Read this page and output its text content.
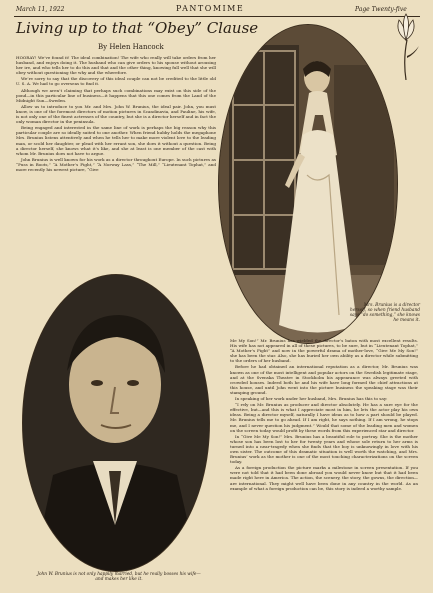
March 11, 1922	PANTOMIME	Page Twenty-five
Living up to that “Obey” Clause
By Helen Hancock

HOORAY! We’ve found it! The ideal combination! The wife who really will take orders from her husband, and enjoys doing it. The husband who can give orders to his spouse without arousing her ire, and who tells her to do this and that and the other thing, knowing full well that she will obey without questioning the why and the wherefore.

We’re sorry to say that the discovery of this ideal couple can not be credited to the little old U. S. A. We had to go overseas to find it.

Although we aren’t claiming that perhaps such combinations may exist on this side of the pond—in this particular line of business—it happens that this one comes from the Land of the Midnight Sun—Sweden.

Allow us to introduce to you Mr. and Mrs. John W. Brunius, the ideal pair. John, you must know, is one of the foremost directors of motion pictures in Scandinavia, and Pauline, his wife, is not only one of the finest actresses of the country, but she is a director herself and in fact the only woman director in the peninsula.

Being engaged and interested in the same line of work is perhaps the big reason why this particular couple are so ideally suited to one another. When friend hubby holds the megaphone Mrs. Brunius listens attentively and when he tells her to make more violent love to the leading man, or scold her daughter, or plead with her errant son, she does it without a question. Being a director herself, she knows what it’s like, and she at least is one member of the cast with whom Mr. Brunius does not have to argue.

John Brunius is well known for his work as a director throughout Europe. In such pictures as “Puss in Boots,” “A Mother’s Fight,” “A Norway Lass,” “The Mill,” “Lieutenant Tophat,” and more recently his newest picture, “Give

Mrs. Brunius is a director herself, so when friend husband says “do something,” she knows he means it.
John W. Brunius is not only happily married, but he really bosses his wife—and makes her like it.

Me My Son!” Mr. Brunius has wielded the director’s baton with most excellent results. His wife has not appeared in all of these pictures, to be sure, but in “Lieutenant Tophat,” “A Mother’s Fight” and now in the powerful drama of mother-love, “Give Me My Son!” she has been the star. Also, she has buried her own ability as a director while submitting to the orders of her husband.

Before he had obtained an international reputation as a director, Mr. Brunius was known as one of the most intelligent and popular actors on the Swedish legitimate stage, and at the Svenska Theatre in Stockholm his appearance was always greeted with crowded houses. Indeed both he and his wife have long formed the chief attractions at this house, and until John went into the picture business the speaking stage was their stamping ground.

In speaking of her work under her husband, Mrs. Brunius has this to say:

“I rely on Mr. Brunius as producer and director absolutely. He has a sure eye for the effective, but—and this is what I appreciate most in him, he lets the actor play his own ideas. Being a director myself, naturally I have ideas as to how a part should be played. Mr. Brunius tells me to go ahead. If I am right, he says nothing. If I am wrong, he stops me, and I never question his judgment.” Would that some of the leading men and women on the screen today would profit by these words from this experienced star and director.

In “Give Me My Son!” Mrs. Brunius has a beautiful role to portray. She is the mother whose son has been lost to her for twenty years and whose sole return to her arms is turned into a near-tragedy when she finds that the boy is unknowingly in love with his own sister. The outcome of this dramatic situation is well worth the watching, and Mrs. Brunius’ work as the mother is one of the most touching characterizations on the screen today.

As a foreign production the picture marks a milestone in screen presentation. If you were not told that it had been done abroad you would never know but that it had been made right here in America. The action, the scenery, the story, the gowns, the direction—are international. They might well have been done in any country in the world. As an example of what a foreign production can be, this story is indeed a worthy sample.
